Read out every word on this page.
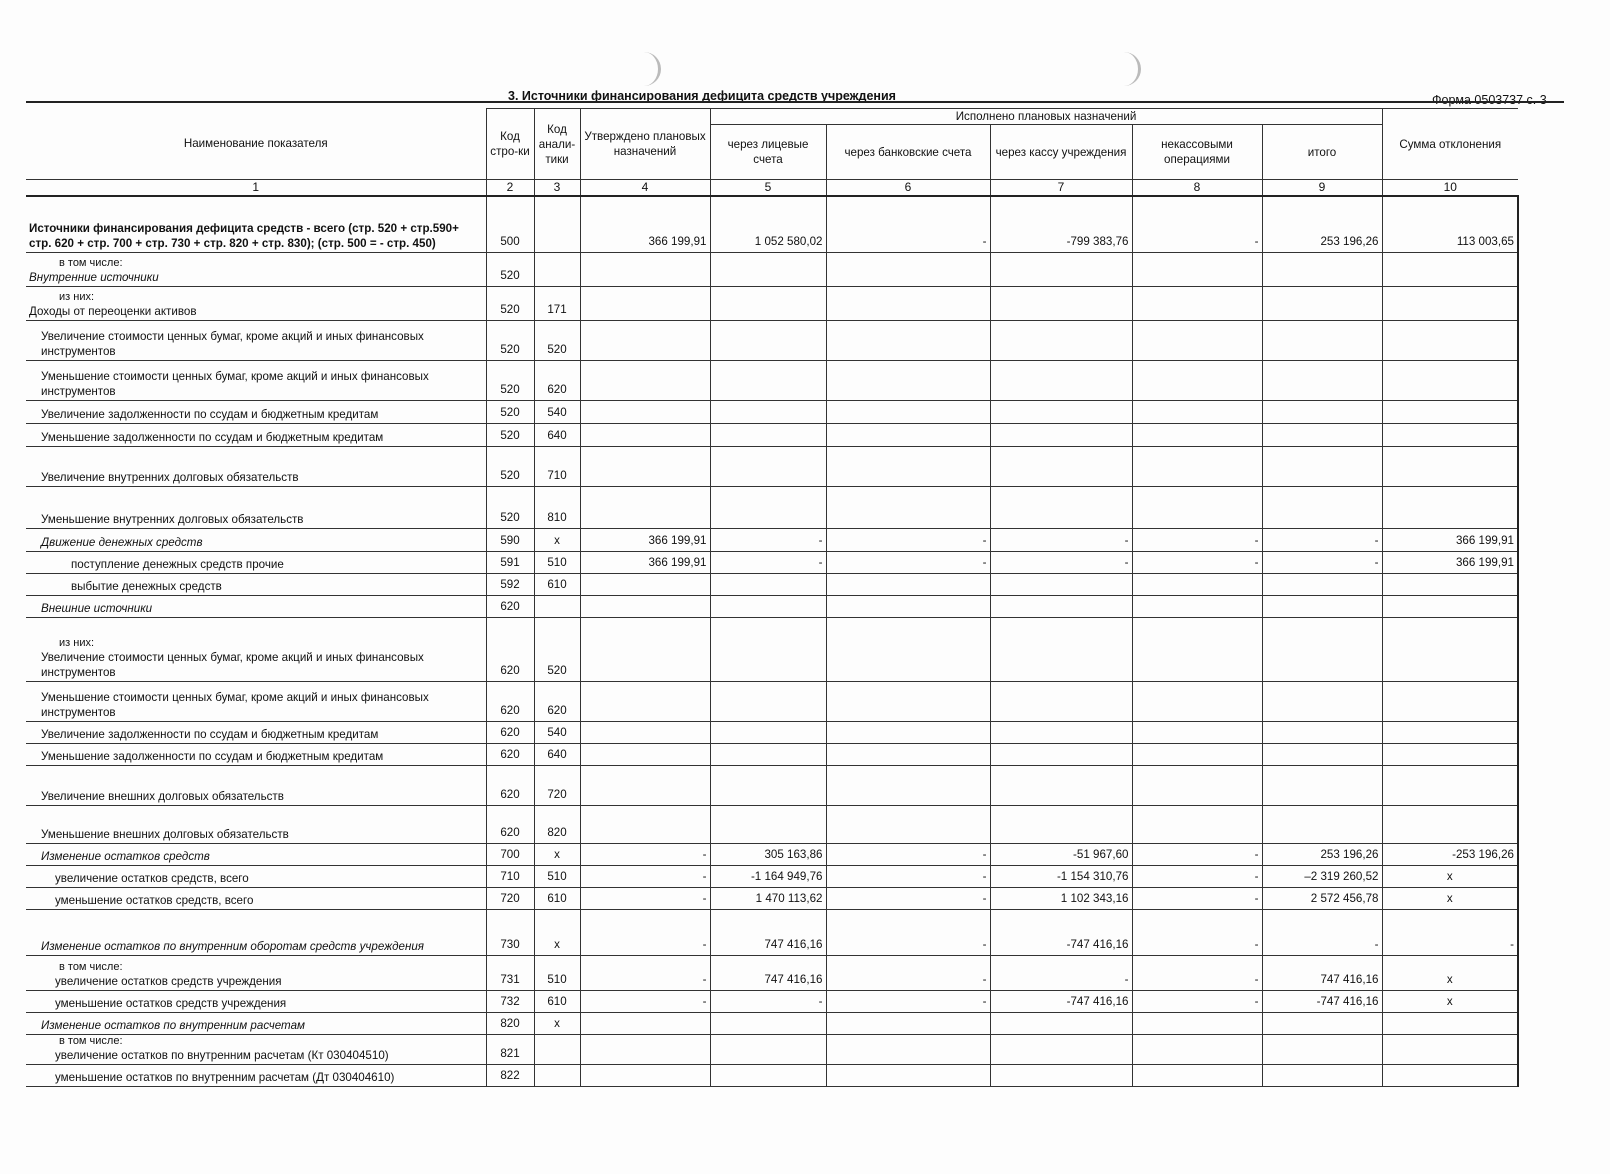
3. Источники финансирования дефицита средств учреждения	Форма 0503737 с. 3
Наименование показателя	Код стро-ки	Код анали-тики	Утверждено плановых назначений	Исполнено плановых назначений					Сумма отклонения
				через лицевые счета	через банковские счета	через кассу учреждения	некассовыми операциями	итого	
1	2	3	4	5	6	7	8	9	10

Источники финансирования дефицита средств - всего (стр. 520 + стр.590+ стр. 620 + стр. 700 + стр. 730 + стр. 820 + стр. 830); (стр. 500 = - стр. 450)	500		366 199,91	1 052 580,02	-	-799 383,76	-	253 196,26	113 003,65

в том числе:
Внутренние источники	520								

из них:
Доходы от переоценки активов	520	171							

Увеличение стоимости ценных бумаг, кроме акций и иных финансовых инструментов	520	520							

Уменьшение стоимости ценных бумаг, кроме акций и иных финансовых инструментов	520	620							

Увеличение задолженности по ссудам и бюджетным кредитам	520	540							

Уменьшение задолженности по ссудам и бюджетным кредитам	520	640							

Увеличение внутренних долговых обязательств	520	710							

Уменьшение внутренних долговых обязательств	520	810							

Движение денежных средств	590	x	366 199,91	-	-	-	-	-	366 199,91

поступление денежных средств прочие	591	510	366 199,91	-	-	-	-	-	366 199,91

выбытие денежных средств	592	610							

Внешние источники	620								

из них:
Увеличение стоимости ценных бумаг, кроме акций и иных финансовых инструментов	620	520							

Уменьшение стоимости ценных бумаг, кроме акций и иных финансовых инструментов	620	620							

Увеличение задолженности по ссудам и бюджетным кредитам	620	540							

Уменьшение задолженности по ссудам и бюджетным кредитам	620	640							

Увеличение внешних долговых обязательств	620	720							

Уменьшение внешних долговых обязательств	620	820							

Изменение остатков средств	700	x	-	305 163,86	-	-51 967,60	-	253 196,26	-253 196,26

увеличение остатков средств, всего	710	510	-	-1 164 949,76	-	-1 154 310,76	-	–2 319 260,52	x

уменьшение остатков средств, всего	720	610	-	1 470 113,62	-	1 102 343,16	-	2 572 456,78	x

Изменение остатков по внутренним оборотам средств учреждения	730	x	-	747 416,16	-	-747 416,16	-	-	-

в том числе:
увеличение остатков средств учреждения	731	510	-	747 416,16	-	-	-	747 416,16	x

уменьшение остатков средств учреждения	732	610	-	-	-	-747 416,16	-	-747 416,16	x

Изменение остатков по внутренним расчетам	820	x							

в том числе:
увеличение остатков по внутренним расчетам (Кт 030404510)	821								

уменьшение остатков по внутренним расчетам (Дт 030404610)	822								
